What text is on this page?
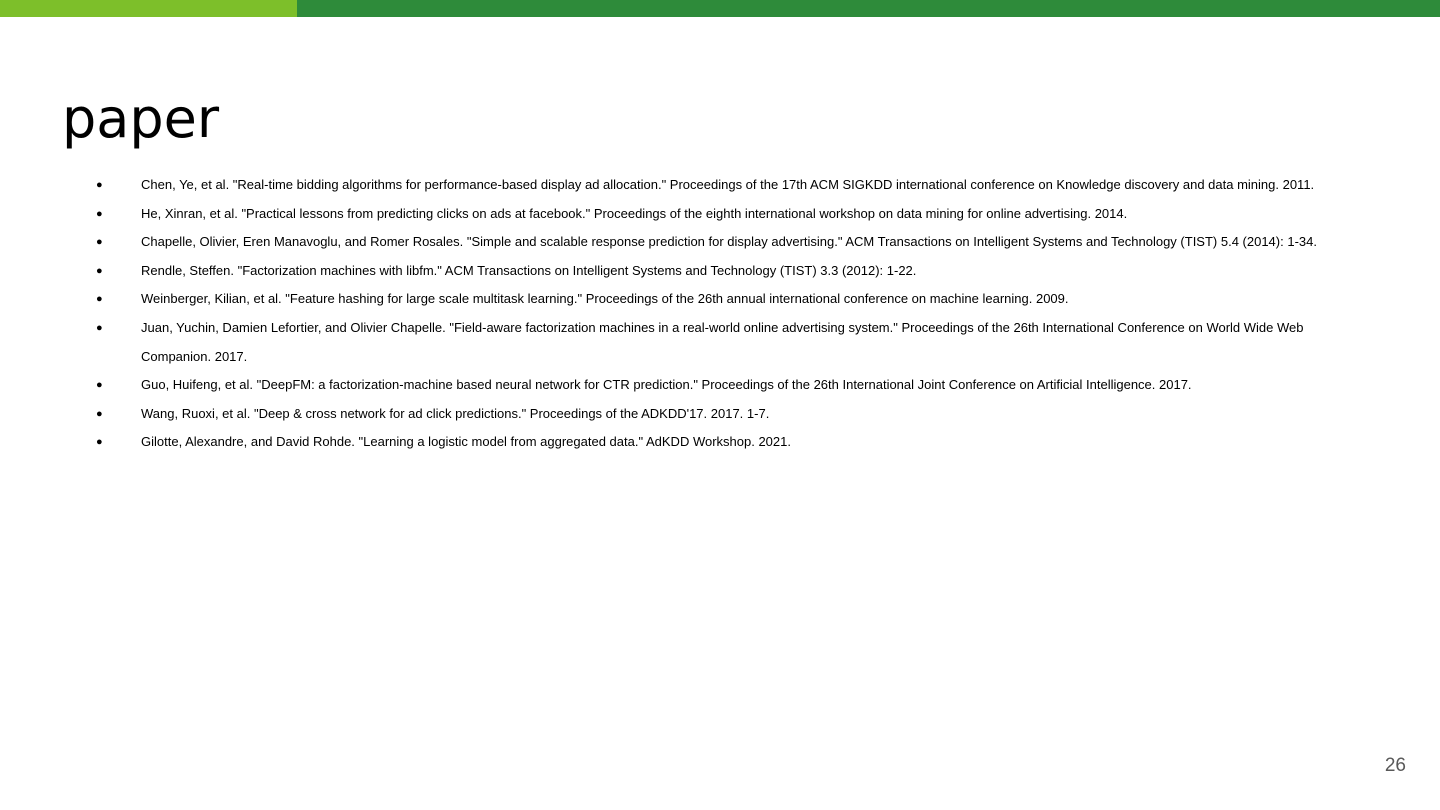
paper
●	Chen, Ye, et al. "Real-time bidding algorithms for performance-based display ad allocation." Proceedings of the 17th ACM SIGKDD international conference on Knowledge discovery and data mining. 2011.
●	He, Xinran, et al. "Practical lessons from predicting clicks on ads at facebook." Proceedings of the eighth international workshop on data mining for online advertising. 2014.
●	Chapelle, Olivier, Eren Manavoglu, and Romer Rosales. "Simple and scalable response prediction for display advertising." ACM Transactions on Intelligent Systems and Technology (TIST) 5.4 (2014): 1-34.
●	Rendle, Steffen. "Factorization machines with libfm." ACM Transactions on Intelligent Systems and Technology (TIST) 3.3 (2012): 1-22.
●	Weinberger, Kilian, et al. "Feature hashing for large scale multitask learning." Proceedings of the 26th annual international conference on machine learning. 2009.
●	Juan, Yuchin, Damien Lefortier, and Olivier Chapelle. "Field-aware factorization machines in a real-world online advertising system." Proceedings of the 26th International Conference on World Wide Web Companion. 2017.
●	Guo, Huifeng, et al. "DeepFM: a factorization-machine based neural network for CTR prediction." Proceedings of the 26th International Joint Conference on Artificial Intelligence. 2017.
●	Wang, Ruoxi, et al. "Deep & cross network for ad click predictions." Proceedings of the ADKDD'17. 2017. 1-7.
●	Gilotte, Alexandre, and David Rohde. "Learning a logistic model from aggregated data." AdKDD Workshop. 2021.
26
